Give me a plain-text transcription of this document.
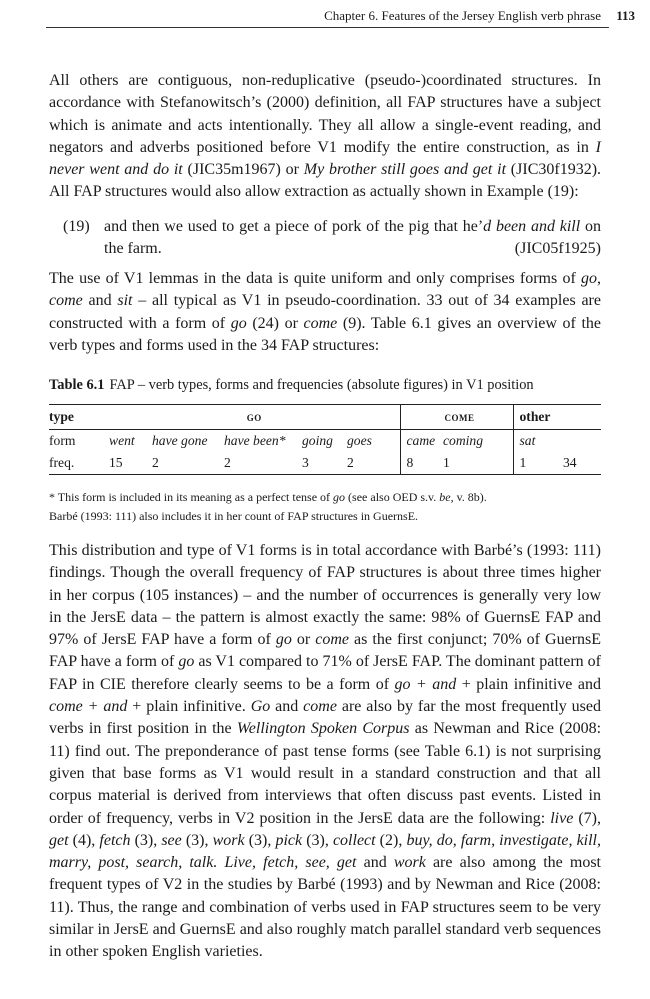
Chapter 6. Features of the Jersey English verb phrase 113

All others are contiguous, non-reduplicative (pseudo-)coordinated structures. In accordance with Stefanowitsch’s (2000) definition, all FAP structures have a subject which is animate and acts intentionally. They all allow a single-event reading, and negators and adverbs positioned before V1 modify the entire construction, as in I never went and do it (JIC35m1967) or My brother still goes and get it (JIC30f1932). All FAP structures would also allow extraction as actually shown in Example (19):

(19) and then we used to get a piece of pork of the pig that he’d been and kill on the farm.	(JIC05f1925)

The use of V1 lemmas in the data is quite uniform and only comprises forms of go, come and sit – all typical as V1 in pseudo-coordination. 33 out of 34 examples are constructed with a form of go (24) or come (9). Table 6.1 gives an overview of the verb types and forms used in the 34 FAP structures:

Table 6.1 FAP – verb types, forms and frequencies (absolute figures) in V1 position
type	go					come		other	
form	went	have gone	have been*	going	goes	came	coming	sat	
freq.	15	2	2	3	2	8	1	1	34
* This form is included in its meaning as a perfect tense of go (see also OED s.v. be, v. 8b).
Barbé (1993: 111) also includes it in her count of FAP structures in GuernsE.

This distribution and type of V1 forms is in total accordance with Barbé’s (1993: 111) findings. Though the overall frequency of FAP structures is about three times higher in her corpus (105 instances) – and the number of occurrences is generally very low in the JersE data – the pattern is almost exactly the same: 98% of GuernsE FAP and 97% of JersE FAP have a form of go or come as the first conjunct; 70% of GuernsE FAP have a form of go as V1 compared to 71% of JersE FAP. The dominant pattern of FAP in CIE therefore clearly seems to be a form of go + and + plain infinitive and come + and + plain infinitive. Go and come are also by far the most frequently used verbs in first position in the Wellington Spoken Corpus as Newman and Rice (2008: 11) find out. The preponderance of past tense forms (see Table 6.1) is not surprising given that base forms as V1 would result in a standard construction and that all corpus material is derived from interviews that often discuss past events. Listed in order of frequency, verbs in V2 position in the JersE data are the following: live (7), get (4), fetch (3), see (3), work (3), pick (3), collect (2), buy, do, farm, investigate, kill, marry, post, search, talk. Live, fetch, see, get and work are also among the most frequent types of V2 in the studies by Barbé (1993) and by Newman and Rice (2008: 11). Thus, the range and combination of verbs used in FAP structures seem to be very similar in JersE and GuernsE and also roughly match parallel standard verb sequences in other spoken English varieties.
